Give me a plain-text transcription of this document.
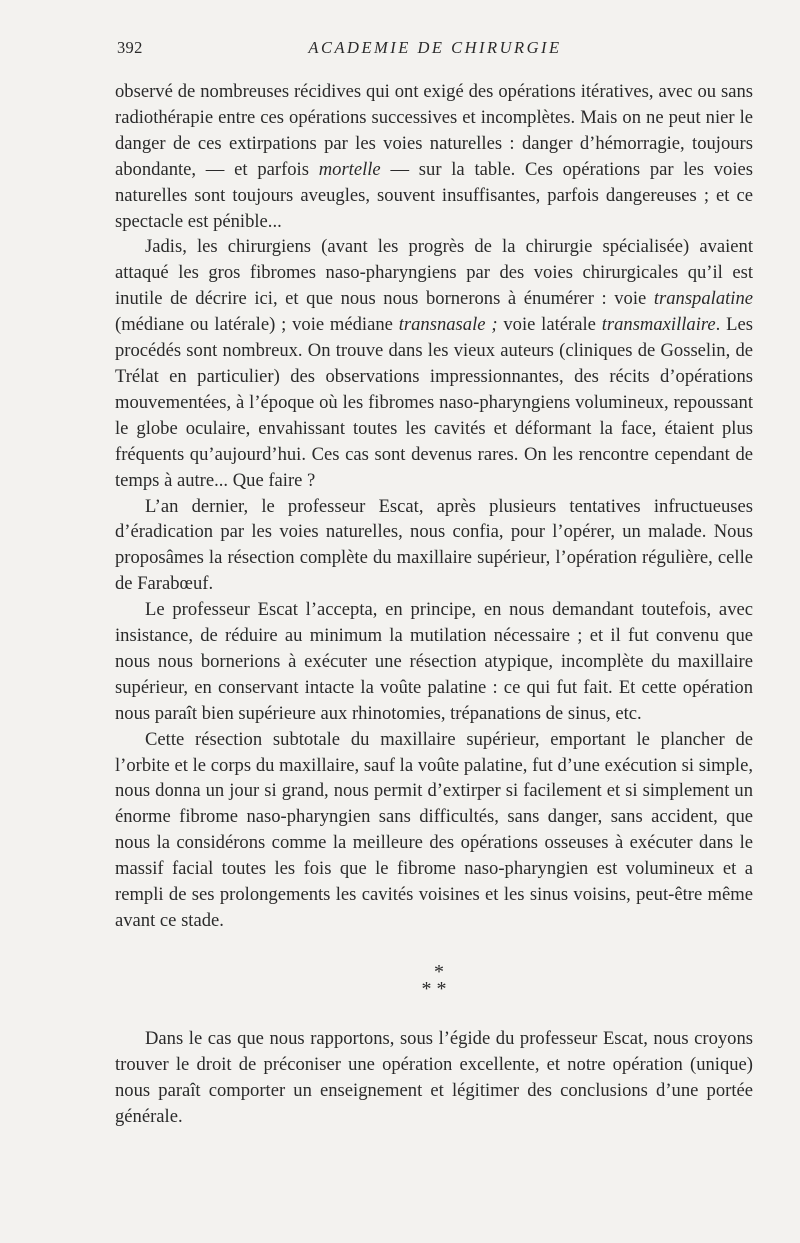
392	ACADEMIE DE CHIRURGIE

observé de nombreuses récidives qui ont exigé des opérations itératives, avec ou sans radiothérapie entre ces opérations successives et incomplètes. Mais on ne peut nier le danger de ces extirpations par les voies naturelles : danger d’hémorragie, toujours abondante, — et parfois mortelle — sur la table. Ces opérations par les voies naturelles sont toujours aveugles, souvent insuffisantes, parfois dangereuses ; et ce spectacle est pénible...

Jadis, les chirurgiens (avant les progrès de la chirurgie spécialisée) avaient attaqué les gros fibromes naso-pharyngiens par des voies chirurgicales qu’il est inutile de décrire ici, et que nous nous bornerons à énumérer : voie transpalatine (médiane ou latérale) ; voie médiane transnasale ; voie latérale transmaxillaire. Les procédés sont nombreux. On trouve dans les vieux auteurs (cliniques de Gosselin, de Trélat en particulier) des observations impressionnantes, des récits d’opérations mouvementées, à l’époque où les fibromes naso-pharyngiens volumineux, repoussant le globe oculaire, envahissant toutes les cavités et déformant la face, étaient plus fréquents qu’aujourd’hui. Ces cas sont devenus rares. On les rencontre cependant de temps à autre... Que faire ?

L’an dernier, le professeur Escat, après plusieurs tentatives infructueuses d’éradication par les voies naturelles, nous confia, pour l’opérer, un malade. Nous proposâmes la résection complète du maxillaire supérieur, l’opération régulière, celle de Farabœuf.

Le professeur Escat l’accepta, en principe, en nous demandant toutefois, avec insistance, de réduire au minimum la mutilation nécessaire ; et il fut convenu que nous nous bornerions à exécuter une résection atypique, incomplète du maxillaire supérieur, en conservant intacte la voûte palatine : ce qui fut fait. Et cette opération nous paraît bien supérieure aux rhinotomies, trépanations de sinus, etc.

Cette résection subtotale du maxillaire supérieur, emportant le plancher de l’orbite et le corps du maxillaire, sauf la voûte palatine, fut d’une exécution si simple, nous donna un jour si grand, nous permit d’extirper si facilement et si simplement un énorme fibrome naso-pharyngien sans difficultés, sans danger, sans accident, que nous la considérons comme la meilleure des opérations osseuses à exécuter dans le massif facial toutes les fois que le fibrome naso-pharyngien est volumineux et a rempli de ses prolongements les cavités voisines et les sinus voisins, peut-être même avant ce stade.

*
* *

Dans le cas que nous rapportons, sous l’égide du professeur Escat, nous croyons trouver le droit de préconiser une opération excellente, et notre opération (unique) nous paraît comporter un enseignement et légitimer des conclusions d’une portée générale.
